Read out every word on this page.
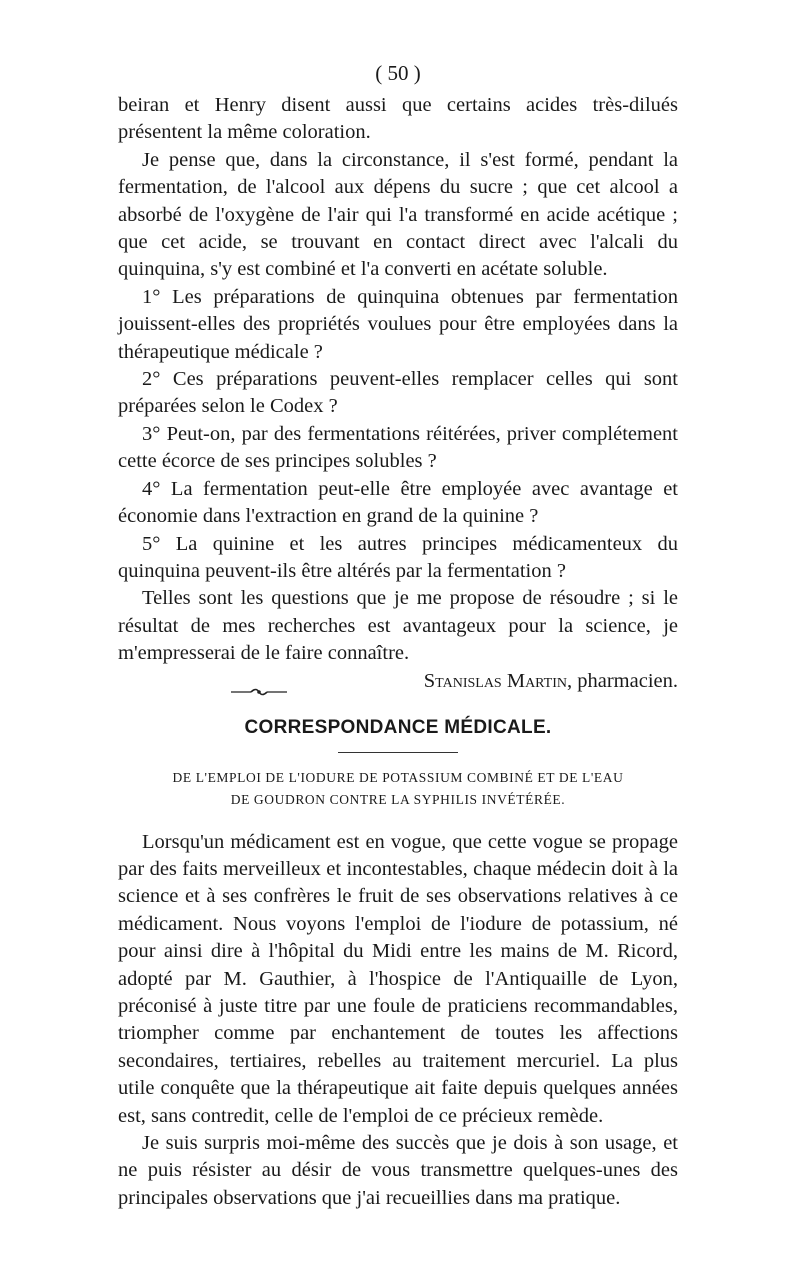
( 50 )

beiran et Henry disent aussi que certains acides très-dilués présentent la même coloration.

Je pense que, dans la circonstance, il s'est formé, pendant la fermentation, de l'alcool aux dépens du sucre ; que cet alcool a absorbé de l'oxygène de l'air qui l'a transformé en acide acétique ; que cet acide, se trouvant en contact direct avec l'alcali du quinquina, s'y est combiné et l'a converti en acétate soluble.

1° Les préparations de quinquina obtenues par fermentation jouissent-elles des propriétés voulues pour être employées dans la thérapeutique médicale ?

2° Ces préparations peuvent-elles remplacer celles qui sont préparées selon le Codex ?

3° Peut-on, par des fermentations réitérées, priver complétement cette écorce de ses principes solubles ?

4° La fermentation peut-elle être employée avec avantage et économie dans l'extraction en grand de la quinine ?

5° La quinine et les autres principes médicamenteux du quinquina peuvent-ils être altérés par la fermentation ?

Telles sont les questions que je me propose de résoudre ; si le résultat de mes recherches est avantageux pour la science, je m'empresserai de le faire connaître.
Stanislas Martin, pharmacien.

CORRESPONDANCE MÉDICALE.
DE L'EMPLOI DE L'IODURE DE POTASSIUM COMBINÉ ET DE L'EAU
DE GOUDRON CONTRE LA SYPHILIS INVÉTÉRÉE.

Lorsqu'un médicament est en vogue, que cette vogue se propage par des faits merveilleux et incontestables, chaque médecin doit à la science et à ses confrères le fruit de ses observations relatives à ce médicament. Nous voyons l'emploi de l'iodure de potassium, né pour ainsi dire à l'hôpital du Midi entre les mains de M. Ricord, adopté par M. Gauthier, à l'hospice de l'Antiquaille de Lyon, préconisé à juste titre par une foule de praticiens recommandables, triompher comme par enchantement de toutes les affections secondaires, tertiaires, rebelles au traitement mercuriel. La plus utile conquête que la thérapeutique ait faite depuis quelques années est, sans contredit, celle de l'emploi de ce précieux remède.

Je suis surpris moi-même des succès que je dois à son usage, et ne puis résister au désir de vous transmettre quelques-unes des principales observations que j'ai recueillies dans ma pratique.
